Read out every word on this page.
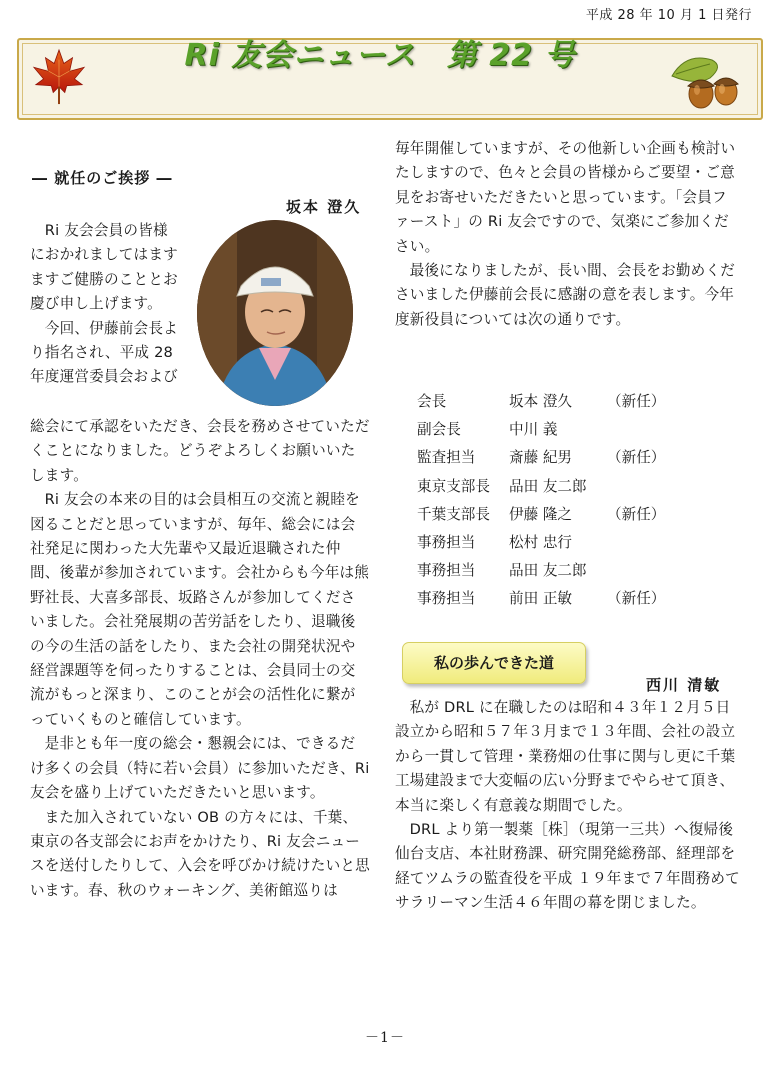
平成 28 年 10 月 1 日発行
Ri 友会ニュース　第 22 号
― 就任のご挨拶 ―
坂本 澄久
　Ri 友会会員の皆様
におかれましてはます
ますご健勝のこととお
慶び申し上げます。
　今回、伊藤前会長よ
り指名され、平成 28
年度運営委員会および

総会にて承認をいただき、会長を務めさせていただくことになりました。どうぞよろしくお願いいたします。

Ri 友会の本来の目的は会員相互の交流と親睦を図ることだと思っていますが、毎年、総会には会社発足に関わった大先輩や又最近退職された仲間、後輩が参加されています。会社からも今年は熊野社長、大喜多部長、坂路さんが参加してくださいました。会社発展期の苦労話をしたり、退職後の今の生活の話をしたり、また会社の開発状況や経営課題等を伺ったりすることは、会員同士の交流がもっと深まり、このことが会の活性化に繋がっていくものと確信しています。

是非とも年一度の総会・懇親会には、できるだけ多くの会員（特に若い会員）に参加いただき、Ri 友会を盛り上げていただきたいと思います。

また加入されていない OB の方々には、千葉、東京の各支部会にお声をかけたり、Ri 友会ニュースを送付したりして、入会を呼びかけ続けたいと思います。春、秋のウォーキング、美術館巡りは

毎年開催していますが、その他新しい企画も検討いたしますので、色々と会員の皆様からご要望・ご意見をお寄せいただきたいと思っています。「会員ファースト」の Ri 友会ですので、気楽にご参加ください。

最後になりましたが、長い間、会長をお勤めくださいました伊藤前会長に感謝の意を表します。今年度新役員については次の通りです。

会長	坂本 澄久	（新任）
副会長	中川 義
監査担当	斎藤 紀男	（新任）
東京支部長	品田 友二郎
千葉支部長	伊藤 隆之	（新任）
事務担当	松村 忠行
事務担当	品田 友二郎
事務担当	前田 正敏	（新任）
私の歩んできた道
西川 清敏

私が DRL に在職したのは昭和４３年１２月５日設立から昭和５７年３月まで１３年間、会社の設立から一貫して管理・業務畑の仕事に関与し更に千葉工場建設まで大変幅の広い分野までやらせて頂き、本当に楽しく有意義な期間でした。

DRL より第一製薬［株］（現第一三共）へ復帰後仙台支店、本社財務課、研究開発総務部、経理部を経てツムラの監査役を平成 １９年まで７年間務めてサラリーマン生活４６年間の幕を閉じました。

－1－
